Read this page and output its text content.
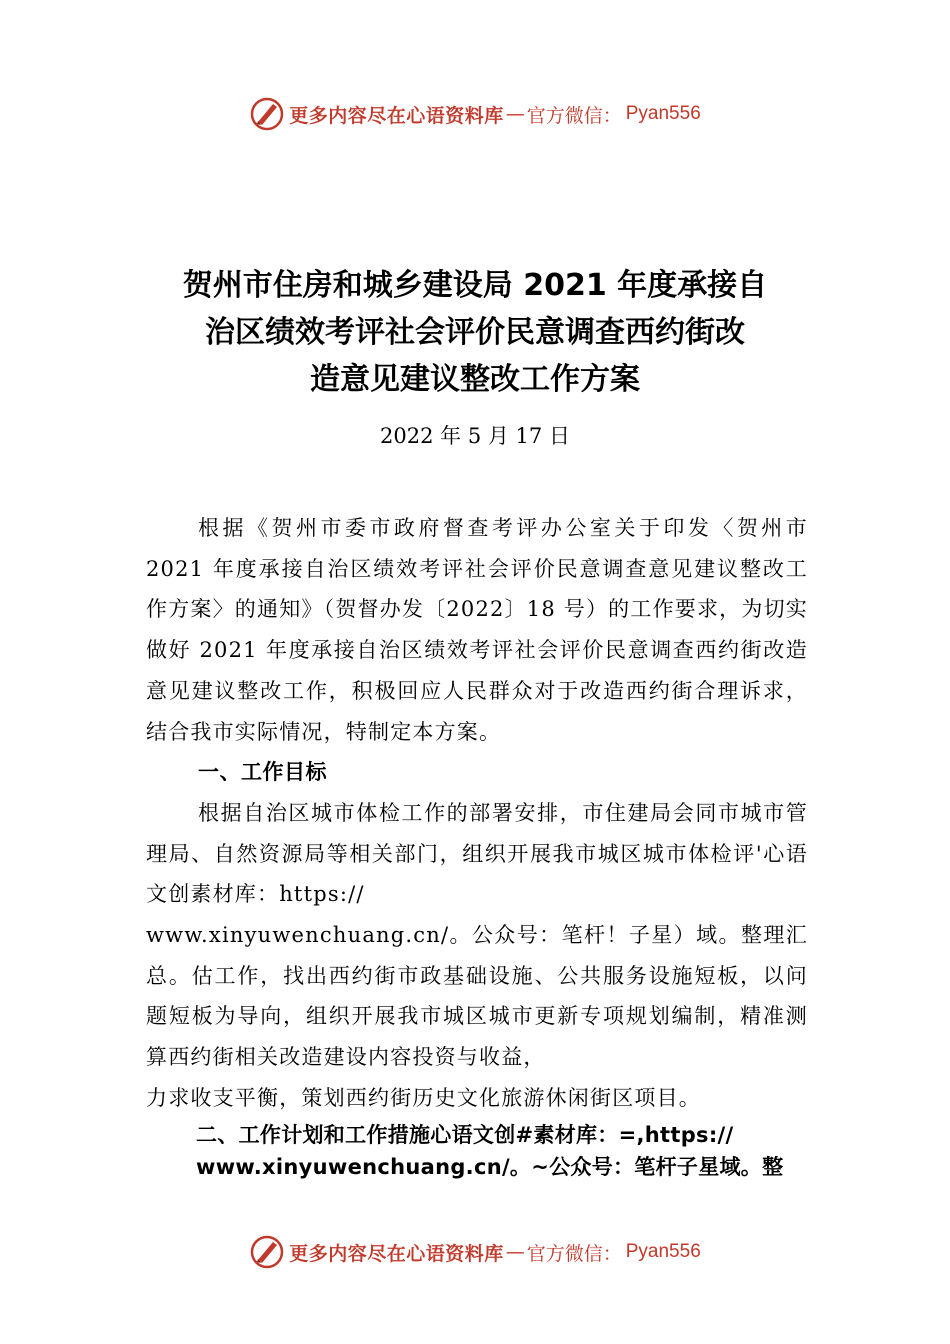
更多内容尽在心语资料库 — 官方微信： Pyan556
贺州市住房和城乡建设局 2021 年度承接自
治区绩效考评社会评价民意调查西约街改
造意见建议整改工作方案
2022 年 5 月 17 日

根据《贺州市委市政府督查考评办公室关于印发〈贺州市 2021 年度承接自治区绩效考评社会评价民意调查意见建议整改工作方案〉的通知》（贺督办发〔2022〕18 号）的工作要求，为切实做好 2021 年度承接自治区绩效考评社会评价民意调查西约街改造意见建议整改工作，积极回应人民群众对于改造西约街合理诉求，结合我市实际情况，特制定本方案。

一、工作目标

根据自治区城市体检工作的部署安排，市住建局会同市城市管理局、自然资源局等相关部门，组织开展我市城区城市体检评'心语文创素材库：https://

www.xinyuwenchuang.cn/。公众号：笔杆！子星）域。整理汇总。估工作，找出西约街市政基础设施、公共服务设施短板，以问题短板为导向，组织开展我市城区城市更新专项规划编制，精准测算西约街相关改造建设内容投资与收益，

力求收支平衡，策划西约街历史文化旅游休闲街区项目。

二、工作计划和工作措施心语文创#素材库：=,https://
www.xinyuwenchuang.cn/。~公众号：笔杆子星域。整
更多内容尽在心语资料库 — 官方微信： Pyan556
